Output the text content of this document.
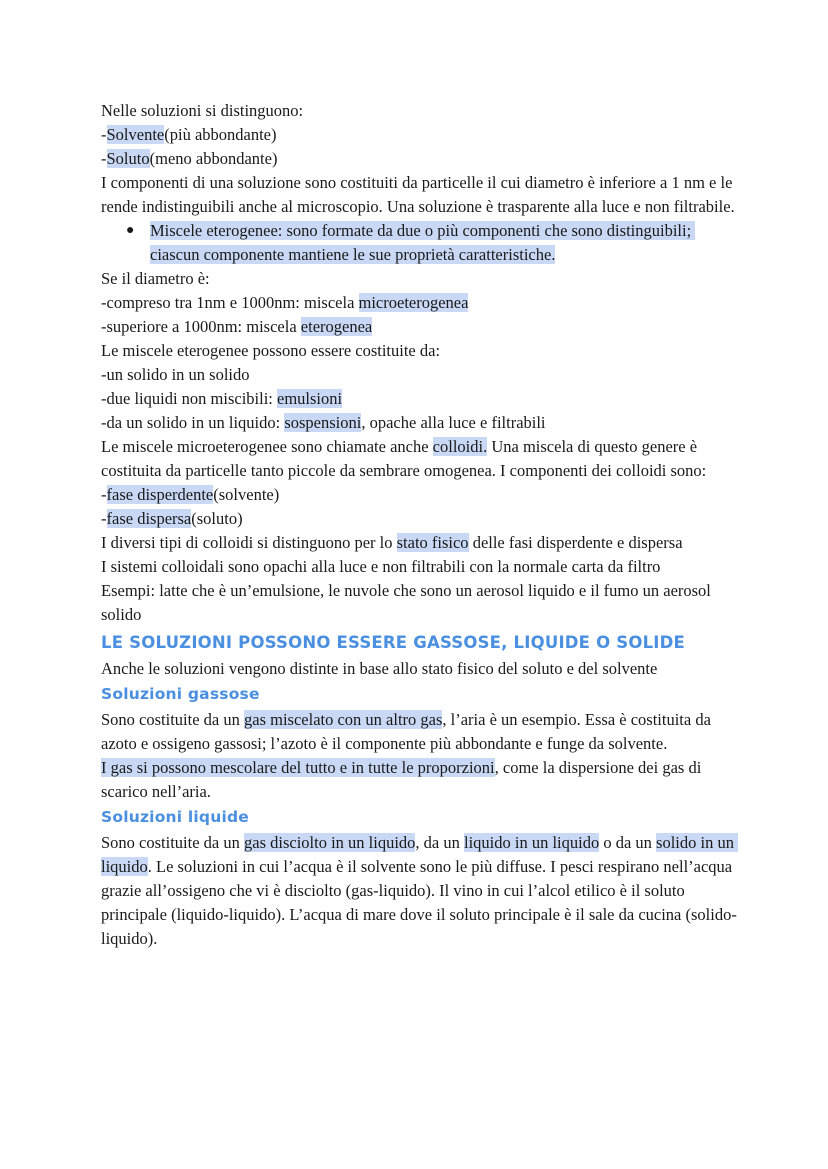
Nelle soluzioni si distinguono:

-Solvente(più abbondante)

-Soluto(meno abbondante)

I componenti di una soluzione sono costituiti da particelle il cui diametro è inferiore a 1 nm e le rende indistinguibili anche al microscopio. Una soluzione è trasparente alla luce e non filtrabile.

● Miscele eterogenee: sono formate da due o più componenti che sono distinguibili; ciascun componente mantiene le sue proprietà caratteristiche.

Se il diametro è:

-compreso tra 1nm e 1000nm: miscela microeterogenea

-superiore a 1000nm: miscela eterogenea

Le miscele eterogenee possono essere costituite da:

-un solido in un solido

-due liquidi non miscibili: emulsioni

-da un solido in un liquido: sospensioni, opache alla luce e filtrabili

Le miscele microeterogenee sono chiamate anche colloidi. Una miscela di questo genere è costituita da particelle tanto piccole da sembrare omogenea. I componenti dei colloidi sono:

-fase disperdente(solvente)

-fase dispersa(soluto)

I diversi tipi di colloidi si distinguono per lo stato fisico delle fasi disperdente e dispersa

I sistemi colloidali sono opachi alla luce e non filtrabili con la normale carta da filtro

Esempi: latte che è un’emulsione, le nuvole che sono un aerosol liquido e il fumo un aerosol solido

LE SOLUZIONI POSSONO ESSERE GASSOSE, LIQUIDE O SOLIDE

Anche le soluzioni vengono distinte in base allo stato fisico del soluto e del solvente

Soluzioni gassose

Sono costituite da un gas miscelato con un altro gas, l’aria è un esempio. Essa è costituita da azoto e ossigeno gassosi; l’azoto è il componente più abbondante e funge da solvente.

I gas si possono mescolare del tutto e in tutte le proporzioni, come la dispersione dei gas di scarico nell’aria.

Soluzioni liquide

Sono costituite da un gas disciolto in un liquido, da un liquido in un liquido o da un solido in un liquido. Le soluzioni in cui l’acqua è il solvente sono le più diffuse. I pesci respirano nell’acqua grazie all’ossigeno che vi è disciolto (gas-liquido). Il vino in cui l’alcol etilico è il soluto principale (liquido-liquido). L’acqua di mare dove il soluto principale è il sale da cucina (solido-liquido).
